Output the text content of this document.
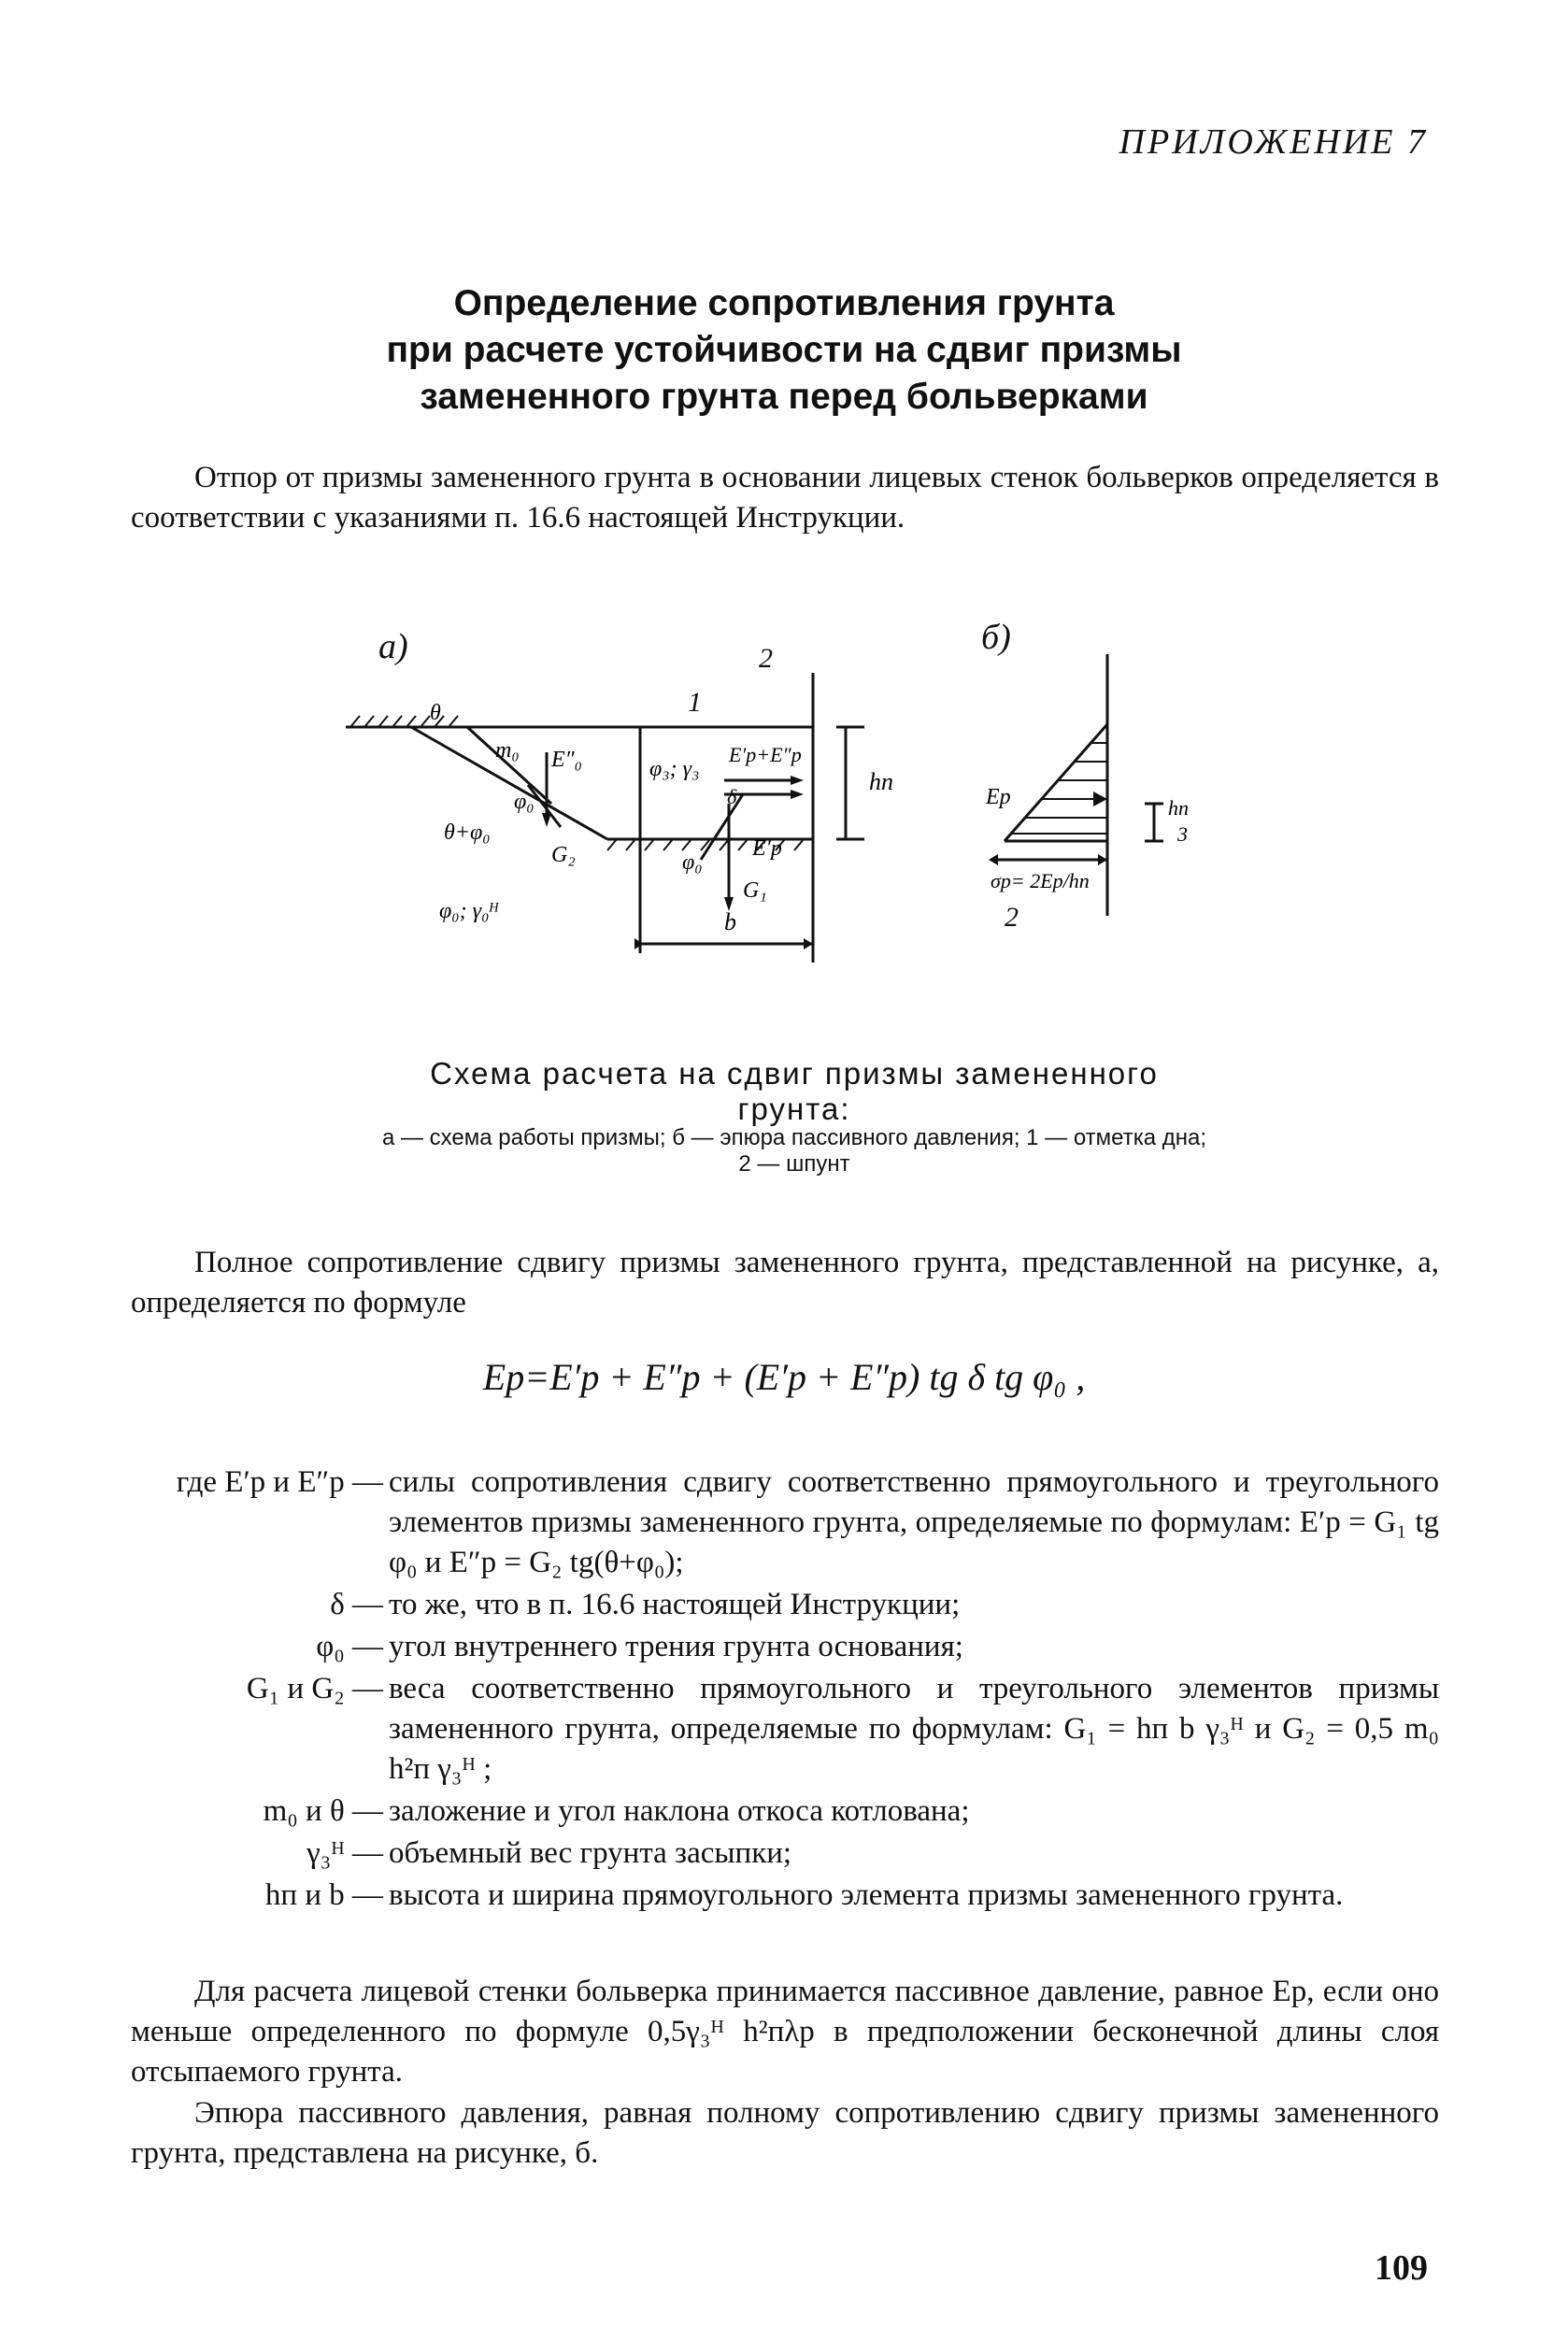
ПРИЛОЖЕНИЕ 7
Определение сопротивления грунта
при расчете устойчивости на сдвиг призмы
замененного грунта перед больверками
Отпор от призмы замененного грунта в основании лицевых стенок больверков определяется в соответствии с указаниями п. 16.6 настоящей Инструкции.
θ
m₀ E″₀
φ₀
θ+φ₀
G₂
φ₀; γ₀ᴴ
φ₃; γ₃
E′p+E″p
δ
φ₀
E′p
G₁
hп
b
а)	2
1
Ep
σp= 2Ep/hп
hп
3
б)
2
Схема расчета на сдвиг призмы замененного грунта:
а — схема работы призмы; б — эпюра пассивного давления; 1 — отметка дна; 2 — шпунт
Полное сопротивление сдвигу призмы замененного грунта, представленной на рисунке, а, определяется по формуле
Ep=E′p + E″p + (E′p + E″p) tg δ tg φ₀ ,
где E′p и E″p — силы сопротивления сдвигу соответственно прямоугольного и треугольного элементов призмы замененного грунта, определяемые по формулам: E′p = G₁ tg φ₀ и E″p = G₂ tg(θ+φ₀);
δ — то же, что в п. 16.6 настоящей Инструкции;
φ₀ — угол внутреннего трения грунта основания;
G₁ и G₂ — веса соответственно прямоугольного и треугольного элементов призмы замененного грунта, определяемые по формулам: G₁ = hп b γ₃ᴴ и G₂ = 0,5 m₀ h²п γ₃ᴴ ;
m₀ и θ — заложение и угол наклона откоса котлована;
γ₃ᴴ — объемный вес грунта засыпки;
hп и b — высота и ширина прямоугольного элемента призмы замененного грунта.
Для расчета лицевой стенки больверка принимается пассивное давление, равное Ep, если оно меньше определенного по формуле 0,5γ₃ᴴ h²пλp в предположении бесконечной длины слоя отсыпаемого грунта.
Эпюра пассивного давления, равная полному сопротивлению сдвигу призмы замененного грунта, представлена на рисунке, б.
109
